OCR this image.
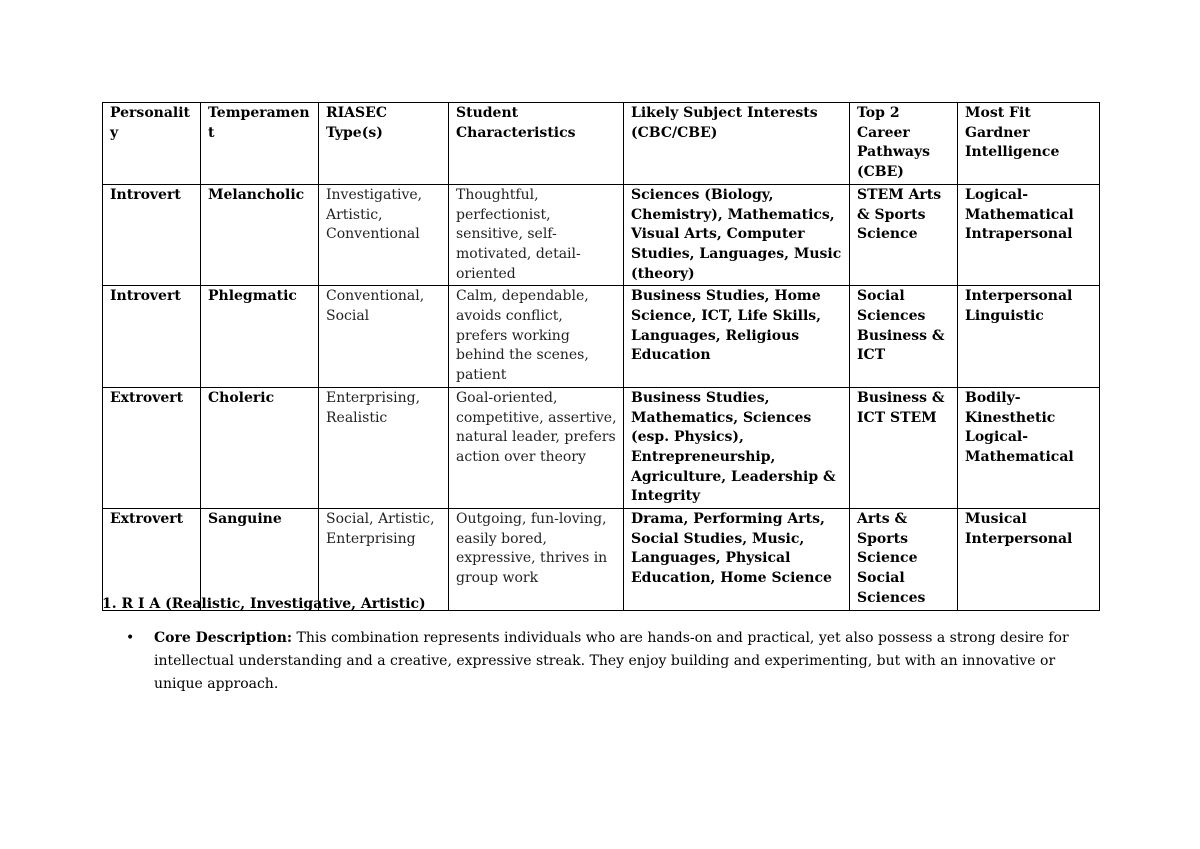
Personality	Temperament	RIASEC Type(s)	Student Characteristics	Likely Subject Interests (CBC/CBE)	Top 2 Career Pathways (CBE)	Most Fit Gardner Intelligence
Introvert	Melancholic	Investigative, Artistic, Conventional	Thoughtful, perfectionist, sensitive, self-motivated, detail-oriented	Sciences (Biology, Chemistry), Mathematics, Visual Arts, Computer Studies, Languages, Music (theory)	STEM Arts & Sports Science	Logical-Mathematical Intrapersonal
Introvert	Phlegmatic	Conventional, Social	Calm, dependable, avoids conflict, prefers working behind the scenes, patient	Business Studies, Home Science, ICT, Life Skills, Languages, Religious Education	Social Sciences Business & ICT	Interpersonal Linguistic
Extrovert	Choleric	Enterprising, Realistic	Goal-oriented, competitive, assertive, natural leader, prefers action over theory	Business Studies, Mathematics, Sciences (esp. Physics), Entrepreneurship, Agriculture, Leadership & Integrity	Business & ICT STEM	Bodily-Kinesthetic Logical-Mathematical
Extrovert	Sanguine	Social, Artistic, Enterprising	Outgoing, fun-loving, easily bored, expressive, thrives in group work	Drama, Performing Arts, Social Studies, Music, Languages, Physical Education, Home Science	Arts & Sports Science Social Sciences	Musical Interpersonal
1. R I A (Realistic, Investigative, Artistic)
• Core Description: This combination represents individuals who are hands-on and practical, yet also possess a strong desire for intellectual understanding and a creative, expressive streak. They enjoy building and experimenting, but with an innovative or unique approach.
